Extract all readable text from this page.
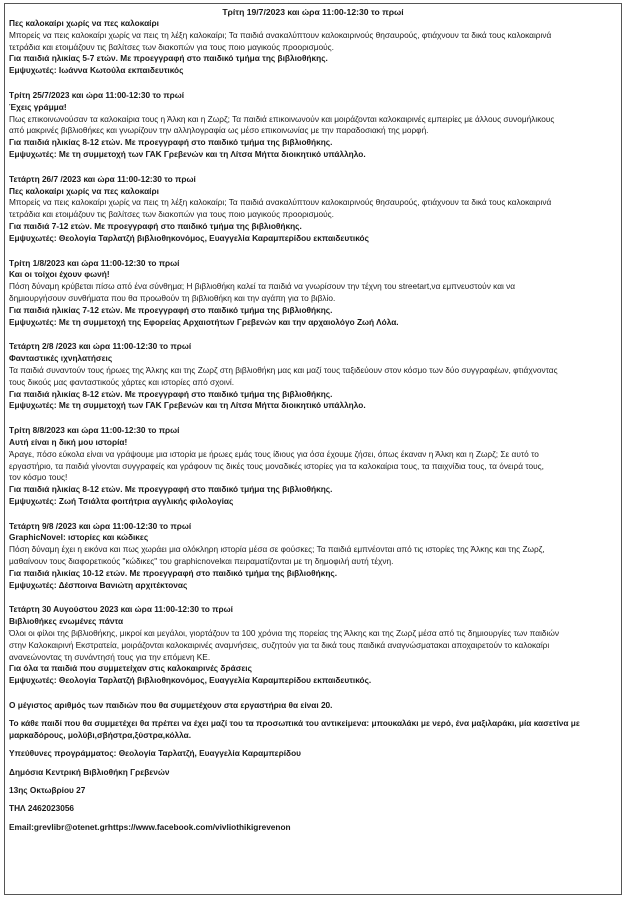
Τρίτη 19/7/2023 και ώρα 11:00-12:30 το πρωί

Πες καλοκαίρι χωρίς να πες καλοκαίρι

Μπορείς να πεις καλοκαίρι χωρίς να πεις τη λέξη καλοκαίρι; Τα παιδιά ανακαλύπτουν καλοκαιρινούς θησαυρούς, φτιάχνουν τα δικά τους καλοκαιρινά

τετράδια και ετοιμάζουν τις βαλίτσες των διακοπών για τους ποιο μαγικούς προορισμούς.

Για παιδιά ηλικίας 5-7 ετών. Με προεγγραφή στο παιδικό τμήμα της βιβλιοθήκης.

Εμψυχωτές: Ιωάννα Κωτούλα εκπαιδευτικός

Τρίτη 25/7/2023 και ώρα 11:00-12:30 το πρωί

Έχεις γράμμα!

Πως επικοινωνούσαν τα καλοκαίρια τους η Άλκη και η Ζωρζ; Τα παιδιά επικοινωνούν και μοιράζονται καλοκαιρινές εμπειρίες με άλλους συνομήλικους

από μακρινές βιβλιοθήκες και γνωρίζουν την αλληλογραφία ως μέσο επικοινωνίας με την παραδοσιακή της μορφή.

Για παιδιά ηλικίας 8-12 ετών. Με προεγγραφή στο παιδικό τμήμα της βιβλιοθήκης.

Εμψυχωτές: Με τη συμμετοχή των ΓΑΚ Γρεβενών και τη Λίτσα Μήττα διοικητικό υπάλληλο.

Τετάρτη 26/7 /2023 και ώρα 11:00-12:30 το πρωί

Πες καλοκαίρι χωρίς να πες καλοκαίρι

Μπορείς να πεις καλοκαίρι χωρίς να πεις τη λέξη καλοκαίρι; Τα παιδιά ανακαλύπτουν καλοκαιρινούς θησαυρούς, φτιάχνουν τα δικά τους καλοκαιρινά

τετράδια και ετοιμάζουν τις βαλίτσες των διακοπών για τους ποιο μαγικούς προορισμούς.

Για παιδιά 7-12 ετών. Με προεγγραφή στο παιδικό τμήμα της βιβλιοθήκης.

Εμψυχωτές: Θεολογία Ταρλατζή βιβλιοθηκονόμος, Ευαγγελία Καραμπερίδου εκπαιδευτικός

Τρίτη 1/8/2023 και ώρα 11:00-12:30 το πρωί

Και οι τοίχοι έχουν φωνή!

Πόση δύναμη κρύβεται πίσω από ένα σύνθημα; Η βιβλιοθήκη καλεί τα παιδιά να γνωρίσουν την τέχνη του streetart,να εμπνευστούν και να

δημιουργήσουν συνθήματα που θα προωθούν τη βιβλιοθήκη και την αγάπη για το βιβλίο.

Για παιδιά ηλικίας 7-12 ετών. Με προεγγραφή στο παιδικό τμήμα της βιβλιοθήκης.

Εμψυχωτές: Με τη συμμετοχή της Εφορείας Αρχαιοτήτων Γρεβενών και την αρχαιολόγο Ζωή Λόλα.

Τετάρτη 2/8 /2023 και ώρα 11:00-12:30 το πρωί

Φανταστικές ιχνηλατήσεις

Τα παιδιά συναντούν τους ήρωες της Άλκης και της Ζωρζ στη βιβλιοθήκη μας και μαζί τους ταξιδεύουν στον κόσμο των δύο συγγραφέων, φτιάχνοντας

τους δικούς μας φανταστικούς χάρτες και ιστορίες από σχοινί.

Για παιδιά ηλικίας 8-12 ετών. Με προεγγραφή στο παιδικό τμήμα της βιβλιοθήκης.

Εμψυχωτές: Με τη συμμετοχή των ΓΑΚ Γρεβενών και τη Λίτσα Μήττα διοικητικό υπάλληλο.

Τρίτη 8/8/2023 και ώρα 11:00-12:30 το πρωί

Αυτή είναι η δική μου ιστορία!

Άραγε, πόσο εύκολα είναι να γράψουμε μια ιστορία με ήρωες εμάς τους ίδιους για όσα έχουμε ζήσει, όπως έκαναν η Άλκη και η Ζωρζ; Σε αυτό το

εργαστήριο, τα παιδιά γίνονται συγγραφείς και γράφουν τις δικές τους μοναδικές ιστορίες για τα καλοκαίρια τους, τα παιχνίδια τους, τα όνειρά τους,

τον κόσμο τους!

Για παιδιά ηλικίας 8-12 ετών. Με προεγγραφή στο παιδικό τμήμα της βιβλιοθήκης.

Εμψυχωτές: Ζωή Τσιάλτα φοιτήτρια αγγλικής φιλολογίας

Τετάρτη 9/8 /2023 και ώρα 11:00-12:30 το πρωί

GraphicNovel: ιστορίες και κώδικες

Πόση δύναμη έχει η εικόνα και πως χωράει μια ολόκληρη ιστορία μέσα σε φούσκες; Τα παιδιά εμπνέονται από τις ιστορίες της Άλκης και της Ζωρζ,

μαθαίνουν τους διαφορετικούς "κώδικες" του graphicnovelκαι πειραματίζονται με τη δημοφιλή αυτή τέχνη.

Για παιδιά ηλικίας 10-12 ετών. Με προεγγραφή στο παιδικό τμήμα της βιβλιοθήκης.

Εμψυχωτές: Δέσποινα Βανιώτη αρχιτέκτονας

Τετάρτη 30 Αυγούστου 2023 και ώρα 11:00-12:30 το πρωί

Βιβλιοθήκες ενωμένες πάντα

Όλοι οι φίλοι της βιβλιοθήκης, μικροί και μεγάλοι, γιορτάζουν τα 100 χρόνια της πορείας της Άλκης και της Ζωρζ μέσα από τις δημιουργίες των παιδιών

στην Καλοκαιρινή Εκστρατεία, μοιράζονται καλοκαιρινές αναμνήσεις, συζητούν για τα δικά τους παιδικά αναγνώσματακαι αποχαιρετούν το καλοκαίρι

ανανεώνοντας τη συνάντησή τους για την επόμενη ΚΕ.

Για όλα τα παιδιά που συμμετείχαν στις καλοκαιρινές δράσεις

Εμψυχωτές: Θεολογία Ταρλατζή βιβλιοθηκονόμος, Ευαγγελία Καραμπερίδου εκπαιδευτικός.

Ο μέγιστος αριθμός των παιδιών που θα συμμετέχουν στα εργαστήρια θα είναι 20.

Το κάθε παιδί που θα συμμετέχει θα πρέπει να έχει μαζί του τα προσωπικά του αντικείμενα: μπουκαλάκι με νερό, ένα μαξιλαράκι, μία κασετίνα με

μαρκαδόρους, μολύβι,σβήστρα,ξύστρα,κόλλα.

Υπεύθυνες προγράμματος: Θεολογία Ταρλατζή, Ευαγγελία Καραμπερίδου

Δημόσια Κεντρική Βιβλιοθήκη Γρεβενών

13ης Οκτωβρίου 27

ΤΗΛ 2462023056

Email:grevlibr@otenet.grhttps://www.facebook.com/vivliothikigrevenon
